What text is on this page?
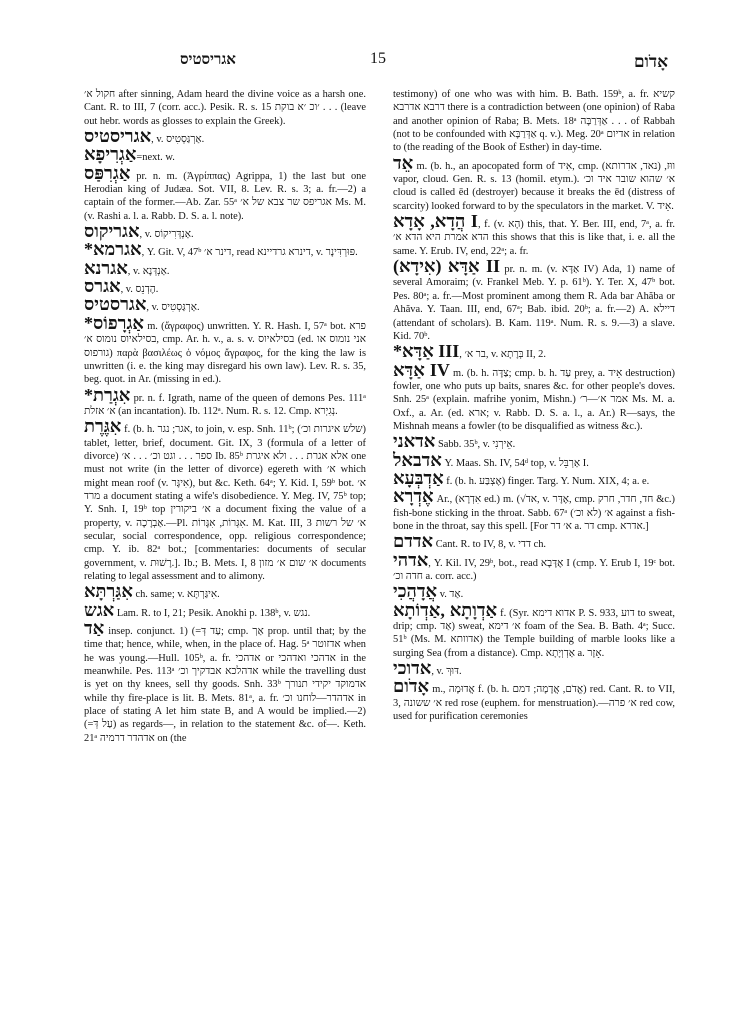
אגריסטיס	15	אָדֹום

חקול א׳ after sinning, Adam heard the divine voice as a harsh one. Cant. R. to III, 7 (corr. acc.). Pesik. R. s. 15 ׳וכ ׳א בוקת . . . (leave out hebr. words as glosses to explain the Greek).

אגריסטיס, v. אַרְגַּסְטִיס.

אַגְרִיפָא=next. w.

אַגְרִפַּס pr. n. m. (Ἀγρίππας) Agrippa, 1) the last but one Herodian king of Judæa. Sot. VII, 8. Lev. R. s. 3; a. fr.—2) a captain of the former.—Ab. Zar. 55ᵃ אגריפס שר צבא של א׳ Ms. M. (v. Rashi a. l. a. Rabb. D. S. a. l. note).

אגריקוס, v. אַנְדְּרִיקוֹס.

*אגרמא, Y. Git. V, 47ᵇ דינר א׳, read דינרא גרדיינא, v. פּוּרְדִּינָר.

אגרנא, v. אַנְדְּנָא.

אגרס, v. הֶדְנֵס.

אגרסטיס, v. אַרְגַּסְטִיס.

*אַגְרָפוֹס m. (ἄγραφος) unwritten. Y. R. Hash. I, 57ᵃ bot. פרא בסילאיוס נומוס א׳, cmp. Ar. h. v., a. s. v. בסילאיוס (ed. אני נומוס או גורפוס) παρὰ βασιλέως ὁ νόμος ἄγραφος, for the king the law is unwritten (i. e. the king may disregard his own law). Lev. R. s. 35, beg. quot. in Ar. (missing in ed.).

*אִגְרַת pr. n. f. Igrath, name of the queen of demons Pes. 111ᵃ א׳ אזלת (an incantation). Ib. 112ᵃ. Num. R. s. 12. Cmp. נְגִיְרא.

אִגֶּרֶת f. (b. h. אגר; נגר, to join, v. esp. Snh. 11ᵇ; (שלש איגרות וכ׳) tablet, letter, brief, document. Git. IX, 3 (formula of a letter of divorce) ספר . . . וגט וכ׳ . . . א׳ Ib. 85ᵇ אלא אגרת . . . ולא איגרת one must not write (in the letter of divorce) egereth with א׳ which might mean roof (v. אִיגָּר), but &c. Keth. 64ᵃ; Y. Kid. I, 59ᵇ bot. א׳ מרד a document stating a wife's disobedience. Y. Meg. IV, 75ᵇ top; Y. Snh. I, 19ᵇ top א׳ ביקורין a document fixing the value of a property, v. אַבְרָכָה.—Pl. אִגְּרוֹת, אִגָּרוֹת. M. Kat. III, 3 א׳ של רשות secular, social correspondence, opp. religious correspondence; cmp. Y. ib. 82ᵃ bot.; [commentaries: documents of secular government, v. רָשׁוּת.]. Ib.; B. Mets. I, 8 א׳ שום א׳ מזון documents relating to legal assessment and to alimony.

אִגַּרְתָּא ch. same; v. אִיגַּרְתָּא.

אגש Lam. R. to I, 21; Pesik. Anokhi p. 138ᵇ, v. נגש.

אַד insep. conjunct. 1) (=עַד דְּ; cmp. אַך prop. until that; by the time that; hence, while, when, in the place of. Hag. 5ᵃ אדזוטר when he was young.—Hull. 105ᵇ, a. fr. אדהכי or אדהכי ואדהכי in the meanwhile. Pes. 113ᵃ אדהלכא אבדקיך וכ׳ while the travelling dust is yet on thy knees, sell thy goods. Snh. 33ᵇ אדמוקד יקידי תנורך while thy fire-place is lit. B. Mets. 81ᵃ, a. fr. אדהדר—לוחנו וכ׳ in place of stating A let him state B, and A would be implied.—2) (=עַל דְּ) as regards—, in relation to the statement &c. of—. Keth. 21ᵃ אדהדר דרמיה on (the

testimony) of one who was with him. B. Bath. 159ᵇ, a. fr. קשיא דרבא אדרבא there is a contradiction between (one opinion) of Raba and another opinion of Raba; B. Mets. 18ᵃ אַדְּרַבָּה . . . of Rabbah (not to be confounded with אַדְּרַבָּא q. v.). Meg. 20ᵃ אדיום in relation to (the reading of the Book of Esther) in day-time.

אֵד m. (b. h., an apocopated form of אִיד, cmp. ווּז, (נאד, אדרותא) vapor, cloud. Gen. R. s. 13 (homil. etym.). א׳ שהוא שובר איד וכ׳ cloud is called ēd (destroyer) because it breaks the ēd (distress of scarcity) looked forward to by the speculators in the market. V. אֵיד.

הֲדָא, אָדָא I, f. (v. הָא) this, that. Y. Ber. III, end, 7ᵃ, a. fr. הדא אמרת היא הדא א׳ this shows that this is like that, i. e. all the same. Y. Erub. IV, end, 22ᵃ; a. fr.

(אִידָא) אַדָּא II pr. n. m. (v. אַדָּא IV) Ada, 1) name of several Amoraim; (v. Frankel Meb. Y. p. 61ᵇ). Y. Ter. X, 47ᵇ bot. Pes. 80ᵃ; a. fr.—Most prominent among them R. Ada bar Ahăba or Ahăva. Y. Taan. III, end, 67ᵃ; Bab. ibid. 20ᵇ; a. fr.—2) A. דיילא (attendant of scholars). B. Kam. 119ᵃ. Num. R. s. 9.—3) a slave. Kid. 70ᵇ.

*אַדָּא III, בר א׳, v. בְּרָתָא II, 2.

אַדָּא IV m. (b. h. צַדָּה; cmp. b. h. עַד prey, a. אֵיד destruction) fowler, one who puts up baits, snares &c. for other people's doves. Snh. 25ᵃ (explain. mafrihe yonim, Mishn.) אמר א׳—ר׳ Ms. M. a. Oxf., a. Ar. (ed. ארא; v. Rabb. D. S. a. l., a. Ar.) R—says, the Mishnah means a fowler (to be disqualified as witness &c.).

אדאני Sabb. 35ᵇ, v. אֵירְנִי.

אדבאל Y. Maas. Sh. IV, 54ᵈ top, v. אַרְבֵּל I.

אַדְבְּעָא f. (b. h. אֶצְבַּע) finger. Targ. Y. Num. XIX, 4; a. e.

אֶדְרָא Ar., (אִדְרָא ed.) m. (√אד, v. אֶדָּר, cmp. חד, חדר, חרק &c.) fish-bone sticking in the throat. Sabb. 67ᵃ (לא וכ׳) א׳ against a fish-bone in the throat, say this spell. [For א׳ דר a. דר cmp. אדרא.]

אדדם Cant. R. to IV, 8, v. דדי ch.

אדהי, Y. Kil. IV, 29ᵇ, bot., read אֶדָּבָא I (cmp. Y. Erub I, 19ᶜ bot. חדה וכ׳ a. corr. acc.)

אֲדָהֲכִי v. אַד.

אַדְוָתָא ,אַדְוֹתָא f. (Syr. אדוא דימא P. S. 933, דוע to sweat, drip; cmp. אַד) sweat, א׳ דימא foam of the Sea. B. Bath. 4ᵃ; Succ. 51ᵇ (Ms. M. אדוותא) the Temple building of marble looks like a surging Sea (from a distance). Cmp. אַדְוְיָתָא a. אָזָר.

אדוכי, v. דּוּךְ.

אָדֹום m., אֲדוּמָה f. (b. h. אֱדֹם, אֲדָמָה; דמם) red. Cant. R. to VII, 3, א׳ ששונה red rose (euphem. for menstruation).—א׳ פרה red cow, used for purification ceremonies
